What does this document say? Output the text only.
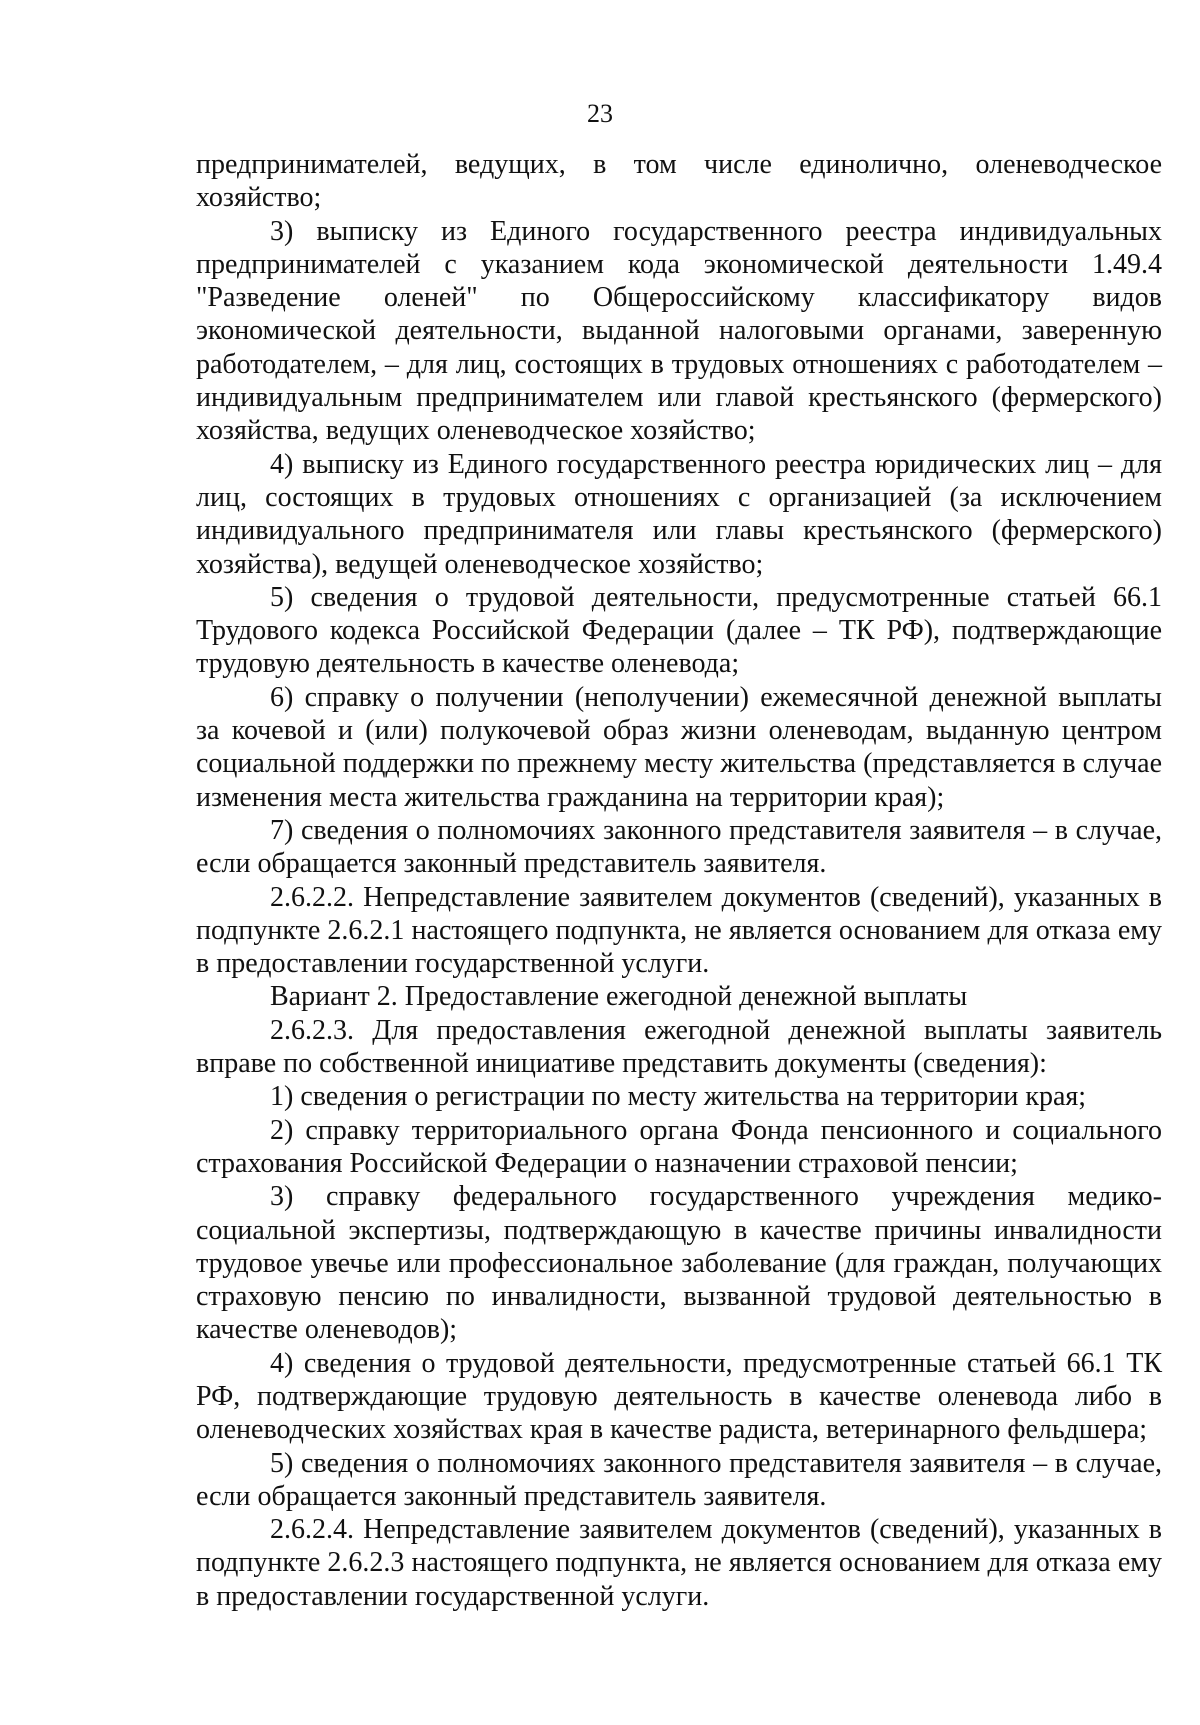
23

предпринимателей, ведущих, в том числе единолично, оленеводческое хозяйство;

3) выписку из Единого государственного реестра индивидуальных предпринимателей с указанием кода экономической деятельности 1.49.4 "Разведение оленей" по Общероссийскому классификатору видов экономической деятельности, выданной налоговыми органами, заверенную работодателем, – для лиц, состоящих в трудовых отношениях с работодателем – индивидуальным предпринимателем или главой крестьянского (фермерского) хозяйства, ведущих оленеводческое хозяйство;

4) выписку из Единого государственного реестра юридических лиц – для лиц, состоящих в трудовых отношениях с организацией (за исключением индивидуального предпринимателя или главы крестьянского (фермерского) хозяйства), ведущей оленеводческое хозяйство;

5) сведения о трудовой деятельности, предусмотренные статьей 66.1 Трудового кодекса Российской Федерации (далее – ТК РФ), подтверждающие трудовую деятельность в качестве оленевода;

6) справку о получении (неполучении) ежемесячной денежной выплаты за кочевой и (или) полукочевой образ жизни оленеводам, выданную центром социальной поддержки по прежнему месту жительства (представляется в случае изменения места жительства гражданина на территории края);

7) сведения о полномочиях законного представителя заявителя – в случае, если обращается законный представитель заявителя.

2.6.2.2. Непредставление заявителем документов (сведений), указанных в подпункте 2.6.2.1 настоящего подпункта, не является основанием для отказа ему в предоставлении государственной услуги.

Вариант 2. Предоставление ежегодной денежной выплаты

2.6.2.3. Для предоставления ежегодной денежной выплаты заявитель вправе по собственной инициативе представить документы (сведения):

1) сведения о регистрации по месту жительства на территории края;

2) справку территориального органа Фонда пенсионного и социального страхования Российской Федерации о назначении страховой пенсии;

3) справку федерального государственного учреждения медико-социальной экспертизы, подтверждающую в качестве причины инвалидности трудовое увечье или профессиональное заболевание (для граждан, получающих страховую пенсию по инвалидности, вызванной трудовой деятельностью в качестве оленеводов);

4) сведения о трудовой деятельности, предусмотренные статьей 66.1 ТК РФ, подтверждающие трудовую деятельность в качестве оленевода либо в оленеводческих хозяйствах края в качестве радиста, ветеринарного фельдшера;

5) сведения о полномочиях законного представителя заявителя – в случае, если обращается законный представитель заявителя.

2.6.2.4. Непредставление заявителем документов (сведений), указанных в подпункте 2.6.2.3 настоящего подпункта, не является основанием для отказа ему в предоставлении государственной услуги.
